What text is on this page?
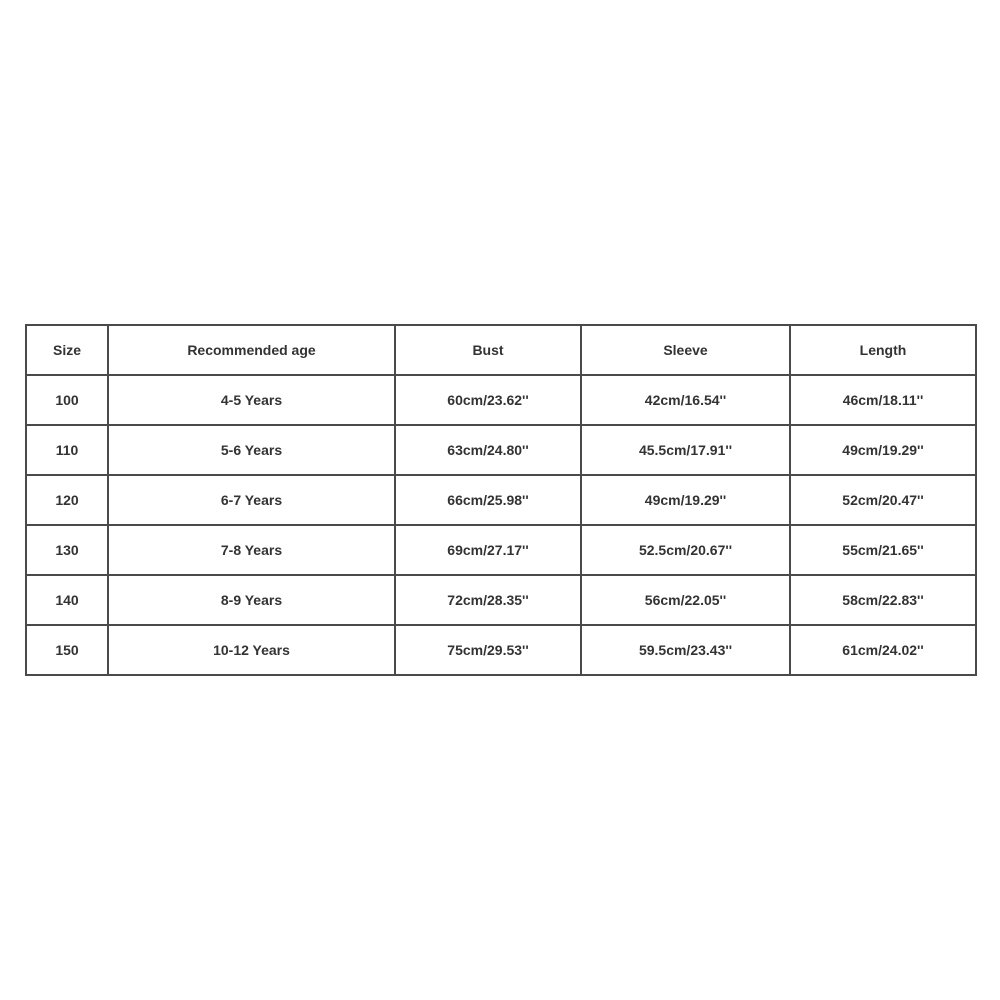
Size	Recommended age	Bust	Sleeve	Length
100	4-5 Years	60cm/23.62''	42cm/16.54''	46cm/18.11''
110	5-6 Years	63cm/24.80''	45.5cm/17.91''	49cm/19.29''
120	6-7 Years	66cm/25.98''	49cm/19.29''	52cm/20.47''
130	7-8 Years	69cm/27.17''	52.5cm/20.67''	55cm/21.65''
140	8-9 Years	72cm/28.35''	56cm/22.05''	58cm/22.83''
150	10-12 Years	75cm/29.53''	59.5cm/23.43''	61cm/24.02''
